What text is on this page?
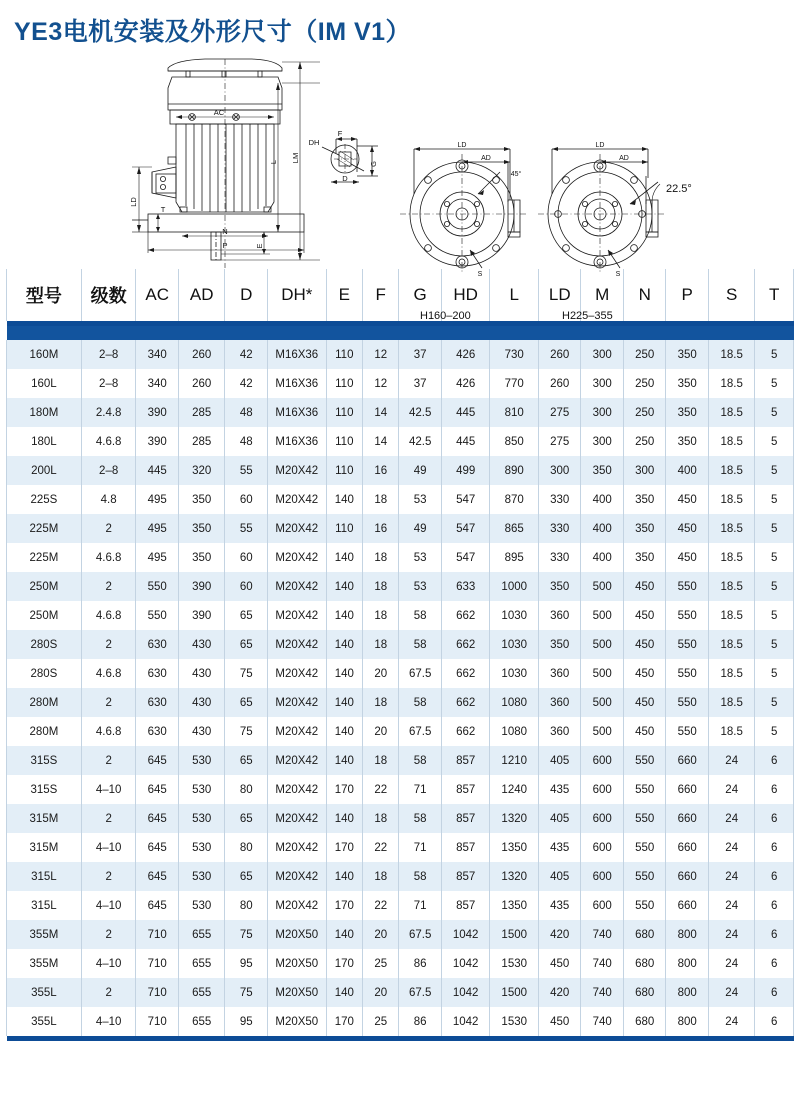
YE3电机安装及外形尺寸（IM V1）
AC
L LM
LD
T
E
N
P
DH
F
G
D
LD
AD
45°
S
LD
AD
S
22.5°
H160–200	H225–355

型号	级数	AC	AD	D	DH*	E	F	G	HD	L	LD	M	N	P	S	T

160M	2–8	340	260	42	M16X36	110	12	37	426	730	260	300	250	350	18.5	5
160L	2–8	340	260	42	M16X36	110	12	37	426	770	260	300	250	350	18.5	5
180M	2.4.8	390	285	48	M16X36	110	14	42.5	445	810	275	300	250	350	18.5	5
180L	4.6.8	390	285	48	M16X36	110	14	42.5	445	850	275	300	250	350	18.5	5
200L	2–8	445	320	55	M20X42	110	16	49	499	890	300	350	300	400	18.5	5
225S	4.8	495	350	60	M20X42	140	18	53	547	870	330	400	350	450	18.5	5
225M	2	495	350	55	M20X42	110	16	49	547	865	330	400	350	450	18.5	5
225M	4.6.8	495	350	60	M20X42	140	18	53	547	895	330	400	350	450	18.5	5
250M	2	550	390	60	M20X42	140	18	53	633	1000	350	500	450	550	18.5	5
250M	4.6.8	550	390	65	M20X42	140	18	58	662	1030	360	500	450	550	18.5	5
280S	2	630	430	65	M20X42	140	18	58	662	1030	350	500	450	550	18.5	5
280S	4.6.8	630	430	75	M20X42	140	20	67.5	662	1030	360	500	450	550	18.5	5
280M	2	630	430	65	M20X42	140	18	58	662	1080	360	500	450	550	18.5	5
280M	4.6.8	630	430	75	M20X42	140	20	67.5	662	1080	360	500	450	550	18.5	5
315S	2	645	530	65	M20X42	140	18	58	857	1210	405	600	550	660	24	6
315S	4–10	645	530	80	M20X42	170	22	71	857	1240	435	600	550	660	24	6
315M	2	645	530	65	M20X42	140	18	58	857	1320	405	600	550	660	24	6
315M	4–10	645	530	80	M20X42	170	22	71	857	1350	435	600	550	660	24	6
315L	2	645	530	65	M20X42	140	18	58	857	1320	405	600	550	660	24	6
315L	4–10	645	530	80	M20X42	170	22	71	857	1350	435	600	550	660	24	6
355M	2	710	655	75	M20X50	140	20	67.5	1042	1500	420	740	680	800	24	6
355M	4–10	710	655	95	M20X50	170	25	86	1042	1530	450	740	680	800	24	6
355L	2	710	655	75	M20X50	140	20	67.5	1042	1500	420	740	680	800	24	6
355L	4–10	710	655	95	M20X50	170	25	86	1042	1530	450	740	680	800	24	6
